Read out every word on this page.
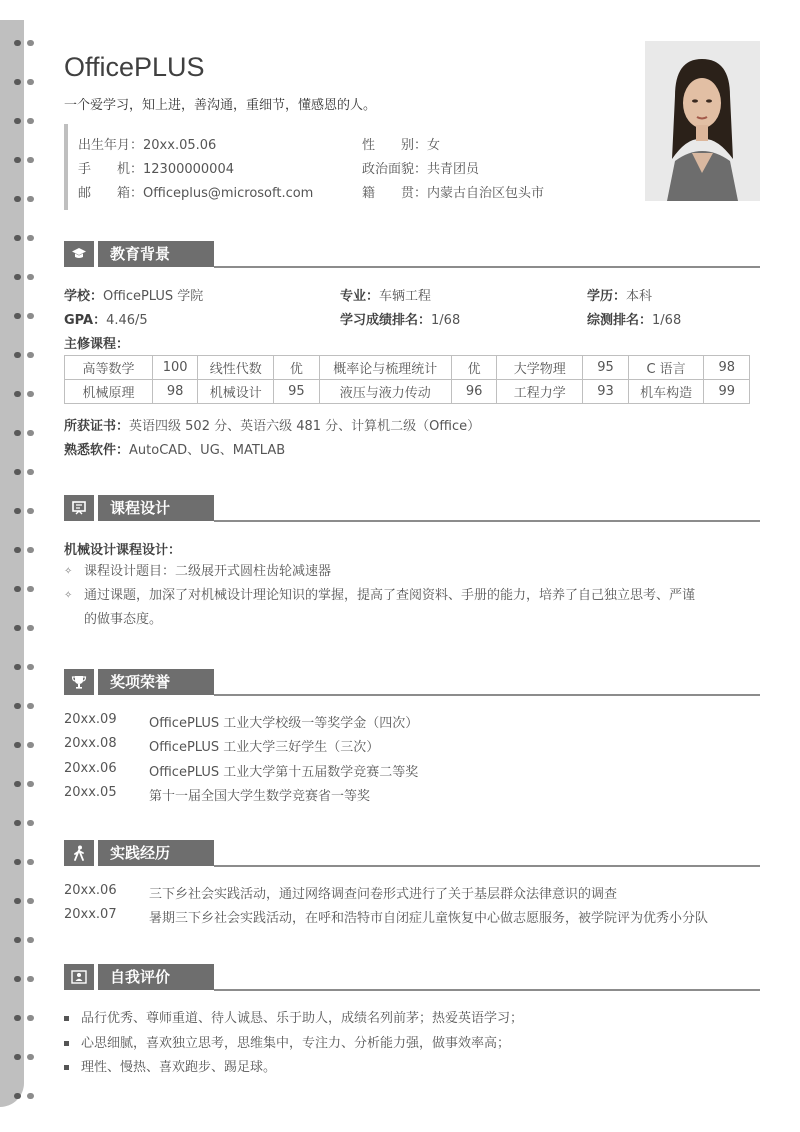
OfficePLUS
一个爱学习，知上进，善沟通，重细节，懂感恩的人。
出生年月：20xx.05.06	性　　别：女
手　　机：12300000004	政治面貌：共青团员
邮　　箱：Officeplus@microsoft.com	籍　　贯：内蒙古自治区包头市
教育背景
学校：OfficePLUS 学院	专业：车辆工程	学历：本科
GPA：4.46/5	学习成绩排名：1/68	综测排名：1/68
主修课程：
高等数学	100	线性代数	优	概率论与梳理统计	优	大学物理	95	C 语言	98
机械原理	98	机械设计	95	液压与液力传动	96	工程力学	93	机车构造	99
所获证书：英语四级 502 分、英语六级 481 分、计算机二级（Office）
熟悉软件：AutoCAD、UG、MATLAB
课程设计
机械设计课程设计：
✧ 课程设计题目：二级展开式圆柱齿轮减速器
✧ 通过课题，加深了对机械设计理论知识的掌握，提高了查阅资料、手册的能力，培养了自己独立思考、严谨
的做事态度。
奖项荣誉
20xx.09 OfficePLUS 工业大学校级一等奖学金（四次）
20xx.08 OfficePLUS 工业大学三好学生（三次）
20xx.06 OfficePLUS 工业大学第十五届数学竞赛二等奖
20xx.05 第十一届全国大学生数学竞赛省一等奖
实践经历
20xx.06 三下乡社会实践活动，通过网络调查问卷形式进行了关于基层群众法律意识的调查
20xx.07 暑期三下乡社会实践活动，在呼和浩特市自闭症儿童恢复中心做志愿服务，被学院评为优秀小分队
自我评价
品行优秀、尊师重道、待人诚恳、乐于助人，成绩名列前茅；热爱英语学习；
心思细腻，喜欢独立思考，思维集中，专注力、分析能力强，做事效率高；
理性、慢热、喜欢跑步、踢足球。
